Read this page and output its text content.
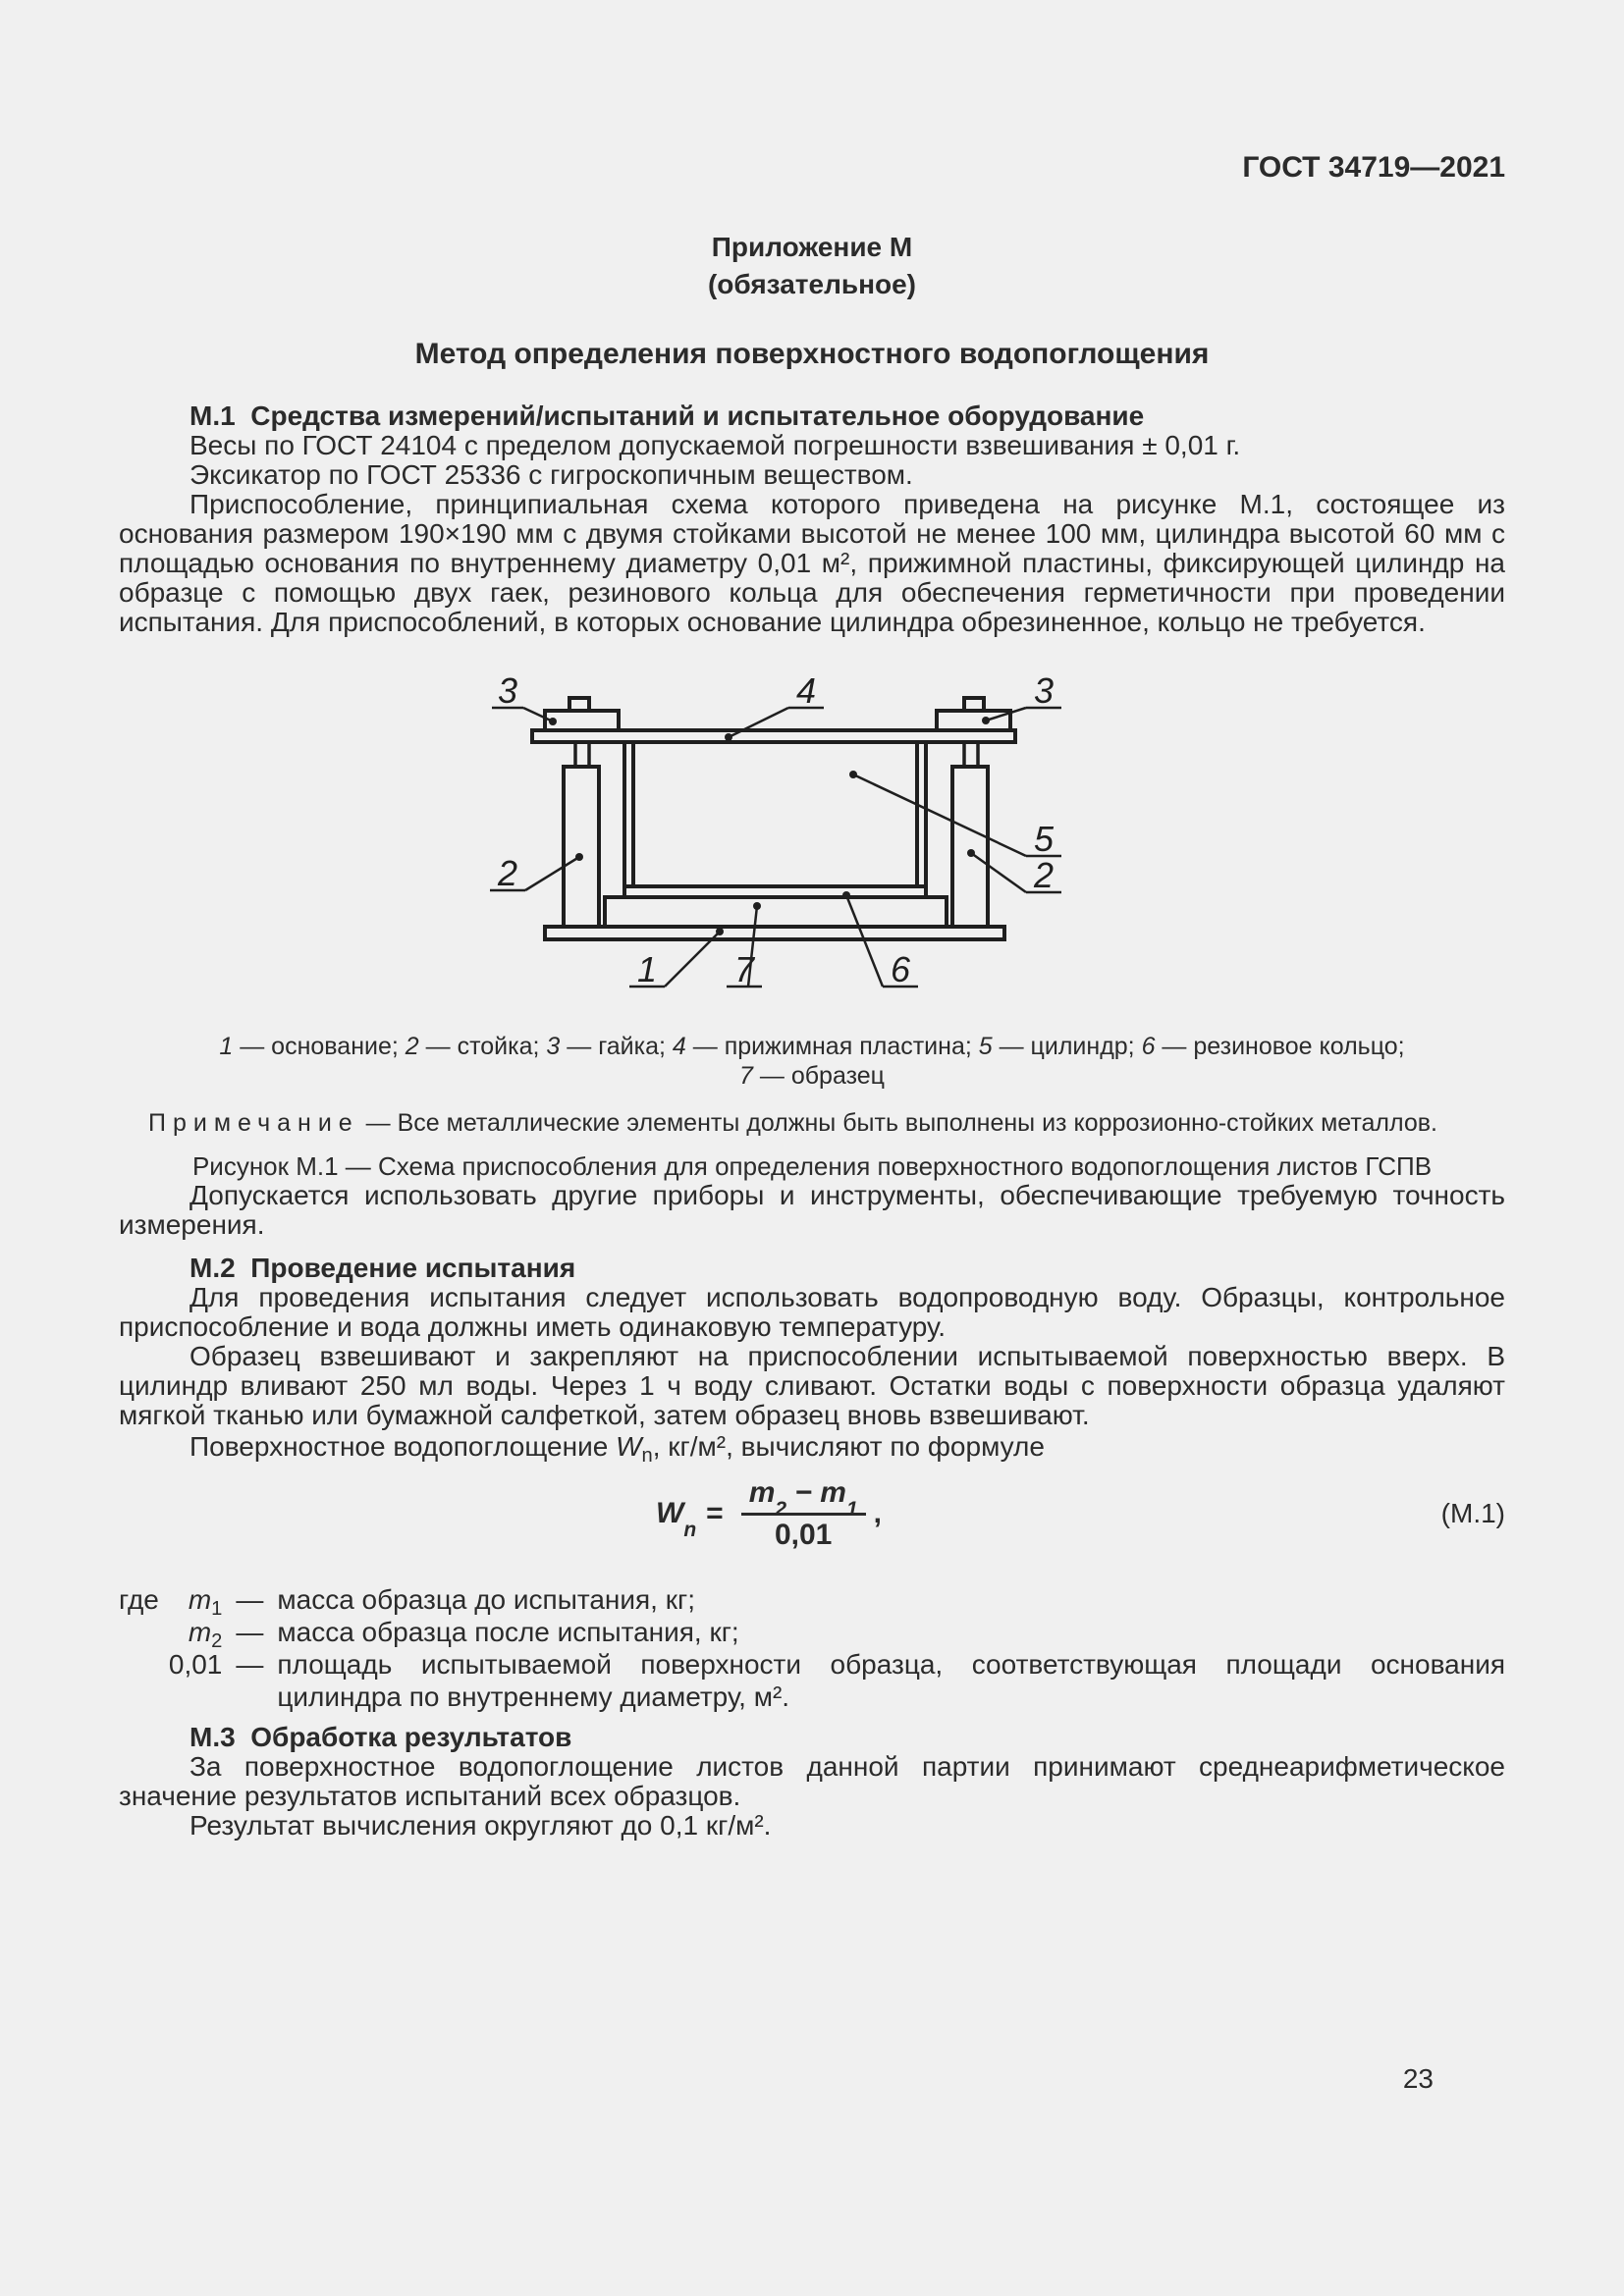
ГОСТ 34719—2021
Приложение М
(обязательное)
Метод определения поверхностного водопоглощения
М.1 Средства измерений/испытаний и испытательное оборудование

Весы по ГОСТ 24104 с пределом допускаемой погрешности взвешивания ± 0,01 г.

Эксикатор по ГОСТ 25336 с гигроскопичным веществом.

Приспособление, принципиальная схема которого приведена на рисунке М.1, состоящее из основания размером 190×190 мм с двумя стойками высотой не менее 100 мм, цилиндра высотой 60 мм с площадью основания по внутреннему диаметру 0,01 м², прижимной пластины, фиксирующей цилиндр на образце с помощью двух гаек, резинового кольца для обеспечения герметичности при проведении испытания. Для приспособлений, в которых основание цилиндра обрезиненное, кольцо не требуется.

3	4	3
5
2	2
1 7	6
1 — основание; 2 — стойка; 3 — гайка; 4 — прижимная пластина; 5 — цилиндр; 6 — резиновое кольцо;
7 — образец
Примечание — Все металлические элементы должны быть выполнены из коррозионно-стойких металлов.
Рисунок М.1 — Схема приспособления для определения поверхностного водопоглощения листов ГСПВ

Допускается использовать другие приборы и инструменты, обеспечивающие требуемую точность измерения.

М.2 Проведение испытания

Для проведения испытания следует использовать водопроводную воду. Образцы, контрольное приспособление и вода должны иметь одинаковую температуру.

Образец взвешивают и закрепляют на приспособлении испытываемой поверхностью вверх. В цилиндр вливают 250 мл воды. Через 1 ч воду сливают. Остатки воды с поверхности образца удаляют мягкой тканью или бумажной салфеткой, затем образец вновь взвешивают.

Поверхностное водопоглощение $W_n$, кг/м², вычисляют по формуле

$W_n$
= $\frac{m_2 - m_1}{0,01}$ ,	(М.1)
где	$m_1$ — масса образца до испытания, кг;
$m_2$ — масса образца после испытания, кг;
0,01 — площадь испытываемой поверхности образца, соответствующая площади основания цилиндра по внутреннему диаметру, м².
М.3 Обработка результатов

За поверхностное водопоглощение листов данной партии принимают среднеарифметическое значение результатов испытаний всех образцов.

Результат вычисления округляют до 0,1 кг/м².

23
